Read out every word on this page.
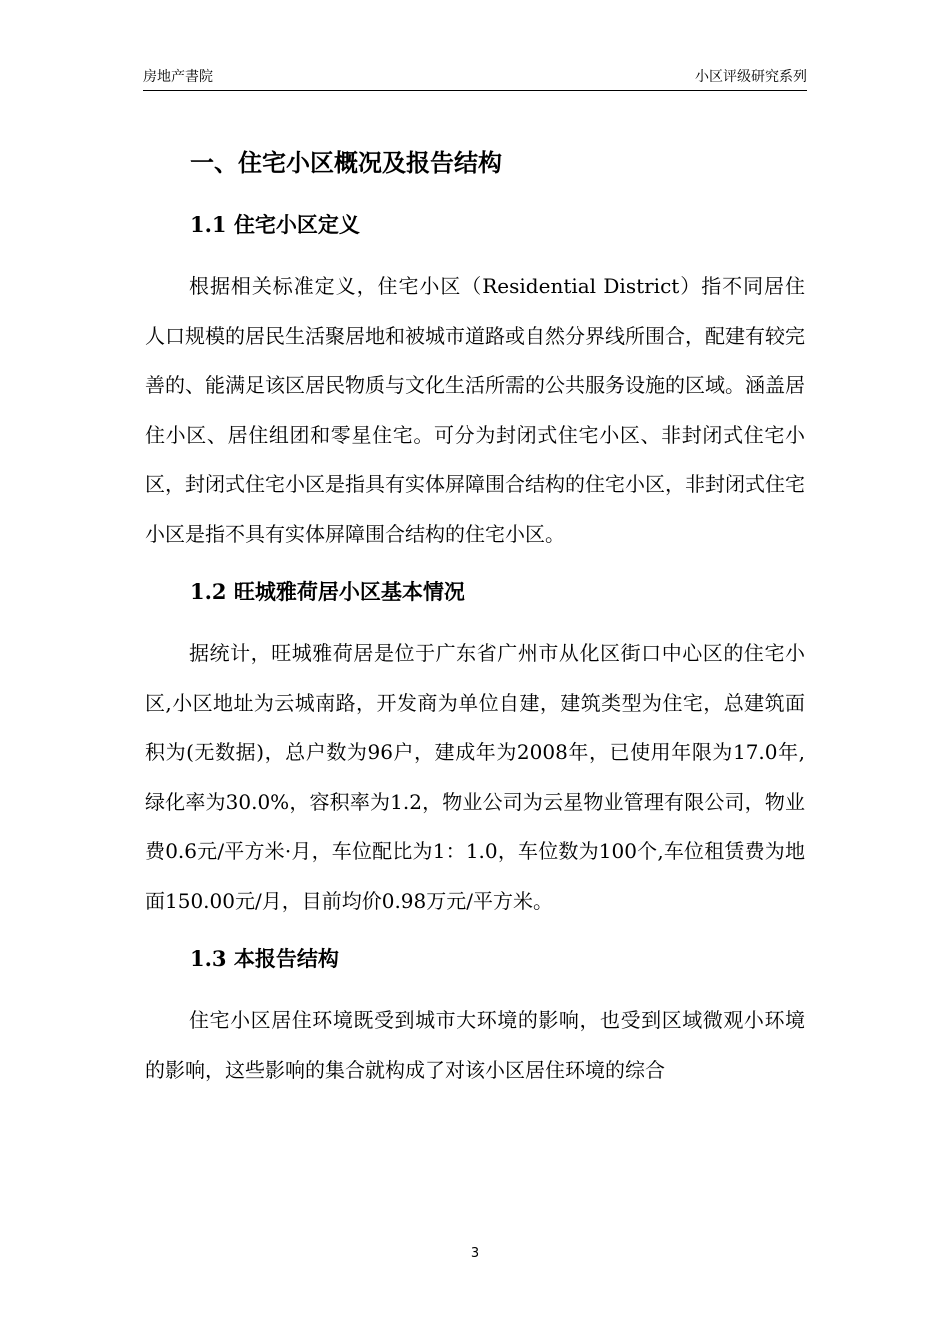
房地产書院	小区评级研究系列
一、住宅小区概况及报告结构
1.1 住宅小区定义

根据相关标准定义，住宅小区（Residential District）指不同居住人口规模的居民生活聚居地和被城市道路或自然分界线所围合，配建有较完善的、能满足该区居民物质与文化生活所需的公共服务设施的区域。涵盖居住小区、居住组团和零星住宅。可分为封闭式住宅小区、非封闭式住宅小区，封闭式住宅小区是指具有实体屏障围合结构的住宅小区，非封闭式住宅小区是指不具有实体屏障围合结构的住宅小区。

1.2 旺城雅荷居小区基本情况

据统计，旺城雅荷居是位于广东省广州市从化区街口中心区的住宅小区,小区地址为云城南路，开发商为单位自建，建筑类型为住宅，总建筑面积为(无数据)，总户数为96户，建成年为2008年，已使用年限为17.0年,绿化率为30.0%，容积率为1.2，物业公司为云星物业管理有限公司，物业费0.6元/平方米·月，车位配比为1：1.0，车位数为100个,车位租赁费为地面150.00元/月，目前均价0.98万元/平方米。

1.3 本报告结构

住宅小区居住环境既受到城市大环境的影响，也受到区域微观小环境的影响，这些影响的集合就构成了对该小区居住环境的综合

3
